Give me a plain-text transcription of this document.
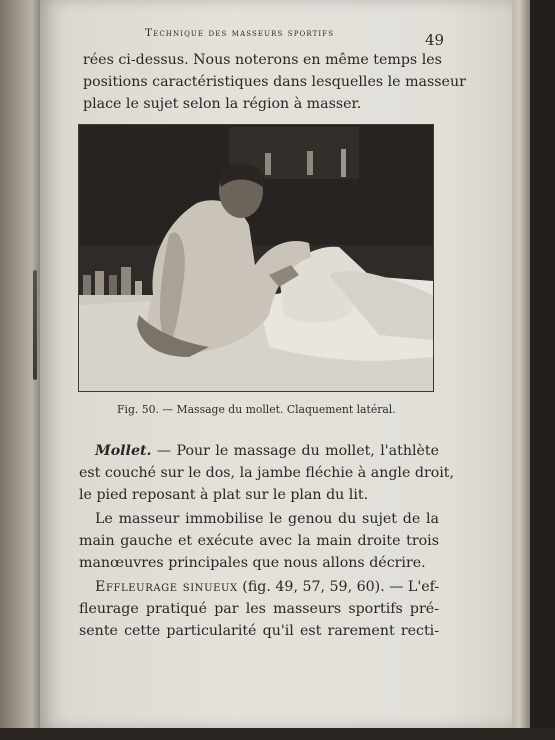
Technique des masseurs sportifs	49
rées ci-dessus. Nous noterons en même temps les
positions caractéristiques dans lesquelles le masseur
place le sujet selon la région à masser.
Fig. 50. — Massage du mollet. Claquement latéral.
Mollet. — Pour le massage du mollet, l'athlète
est couché sur le dos, la jambe fléchie à angle droit,
le pied reposant à plat sur le plan du lit.
Le masseur immobilise le genou du sujet de la
main gauche et exécute avec la main droite trois
manœuvres principales que nous allons décrire.
Effleurage sinueux (fig. 49, 57, 59, 60). — L'ef-
fleurage pratiqué par les masseurs sportifs pré-
sente cette particularité qu'il est rarement recti-
